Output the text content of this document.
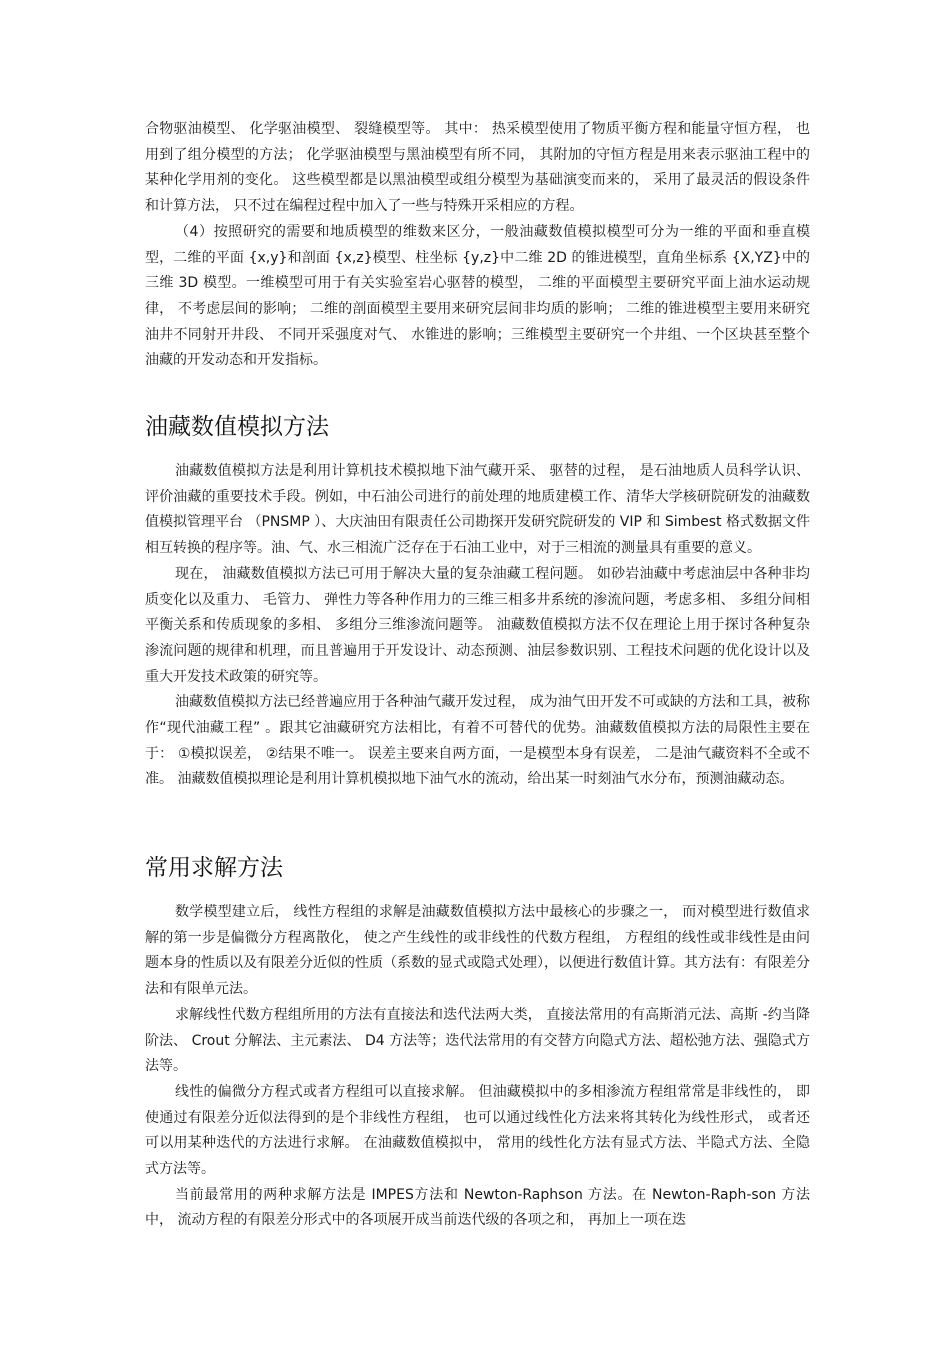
合物驱油模型、 化学驱油模型、 裂缝模型等。 其中： 热采模型使用了物质平衡方程和能量守恒方程， 也用到了组分模型的方法； 化学驱油模型与黑油模型有所不同， 其附加的守恒方程是用来表示驱油工程中的某种化学用剂的变化。 这些模型都是以黑油模型或组分模型为基础演变而来的， 采用了最灵活的假设条件和计算方法， 只不过在编程过程中加入了一些与特殊开采相应的方程。

（4）按照研究的需要和地质模型的维数来区分，一般油藏数值模拟模型可分为一维的平面和垂直模型，二维的平面 {x,y}和剖面 {x,z}模型、柱坐标 {y,z}中二维 2D 的锥进模型，直角坐标系 {X,YZ}中的三维 3D 模型。一维模型可用于有关实验室岩心驱替的模型， 二维的平面模型主要研究平面上油水运动规律， 不考虑层间的影响； 二维的剖面模型主要用来研究层间非均质的影响； 二维的锥进模型主要用来研究油井不同射开井段、 不同开采强度对气、 水锥进的影响；三维模型主要研究一个井组、一个区块甚至整个油藏的开发动态和开发指标。

油藏数值模拟方法

油藏数值模拟方法是利用计算机技术模拟地下油气藏开采、 驱替的过程， 是石油地质人员科学认识、评价油藏的重要技术手段。例如，中石油公司进行的前处理的地质建模工作、清华大学核研院研发的油藏数值模拟管理平台 （PNSMP ）、大庆油田有限责任公司勘探开发研究院研发的 VIP 和 Simbest 格式数据文件相互转换的程序等。油、气、水三相流广泛存在于石油工业中，对于三相流的测量具有重要的意义。

现在， 油藏数值模拟方法已可用于解决大量的复杂油藏工程问题。 如砂岩油藏中考虑油层中各种非均质变化以及重力、 毛管力、 弹性力等各种作用力的三维三相多井系统的渗流问题，考虑多相、 多组分间相平衡关系和传质现象的多相、 多组分三维渗流问题等。 油藏数值模拟方法不仅在理论上用于探讨各种复杂渗流问题的规律和机理，而且普遍用于开发设计、动态预测、油层参数识别、工程技术问题的优化设计以及重大开发技术政策的研究等。

油藏数值模拟方法已经普遍应用于各种油气藏开发过程， 成为油气田开发不可或缺的方法和工具，被称作“现代油藏工程” 。跟其它油藏研究方法相比，有着不可替代的优势。油藏数值模拟方法的局限性主要在于： ①模拟误差， ②结果不唯一。 误差主要来自两方面，一是模型本身有误差， 二是油气藏资料不全或不准。 油藏数值模拟理论是利用计算机模拟地下油气水的流动，给出某一时刻油气水分布，预测油藏动态。

常用求解方法

数学模型建立后， 线性方程组的求解是油藏数值模拟方法中最核心的步骤之一， 而对模型进行数值求解的第一步是偏微分方程离散化， 使之产生线性的或非线性的代数方程组， 方程组的线性或非线性是由问题本身的性质以及有限差分近似的性质（系数的显式或隐式处理），以便进行数值计算。其方法有：有限差分法和有限单元法。

求解线性代数方程组所用的方法有直接法和迭代法两大类， 直接法常用的有高斯消元法、高斯 -约当降阶法、 Crout 分解法、主元素法、 D4 方法等；迭代法常用的有交替方向隐式方法、超松弛方法、强隐式方法等。

线性的偏微分方程式或者方程组可以直接求解。 但油藏模拟中的多相渗流方程组常常是非线性的， 即使通过有限差分近似法得到的是个非线性方程组， 也可以通过线性化方法来将其转化为线性形式， 或者还可以用某种迭代的方法进行求解。 在油藏数值模拟中， 常用的线性化方法有显式方法、半隐式方法、全隐式方法等。

当前最常用的两种求解方法是 IMPES方法和 Newton-Raphson 方法。在 Newton-Raph-son 方法中， 流动方程的有限差分形式中的各项展开成当前迭代级的各项之和， 再加上一项在迭
